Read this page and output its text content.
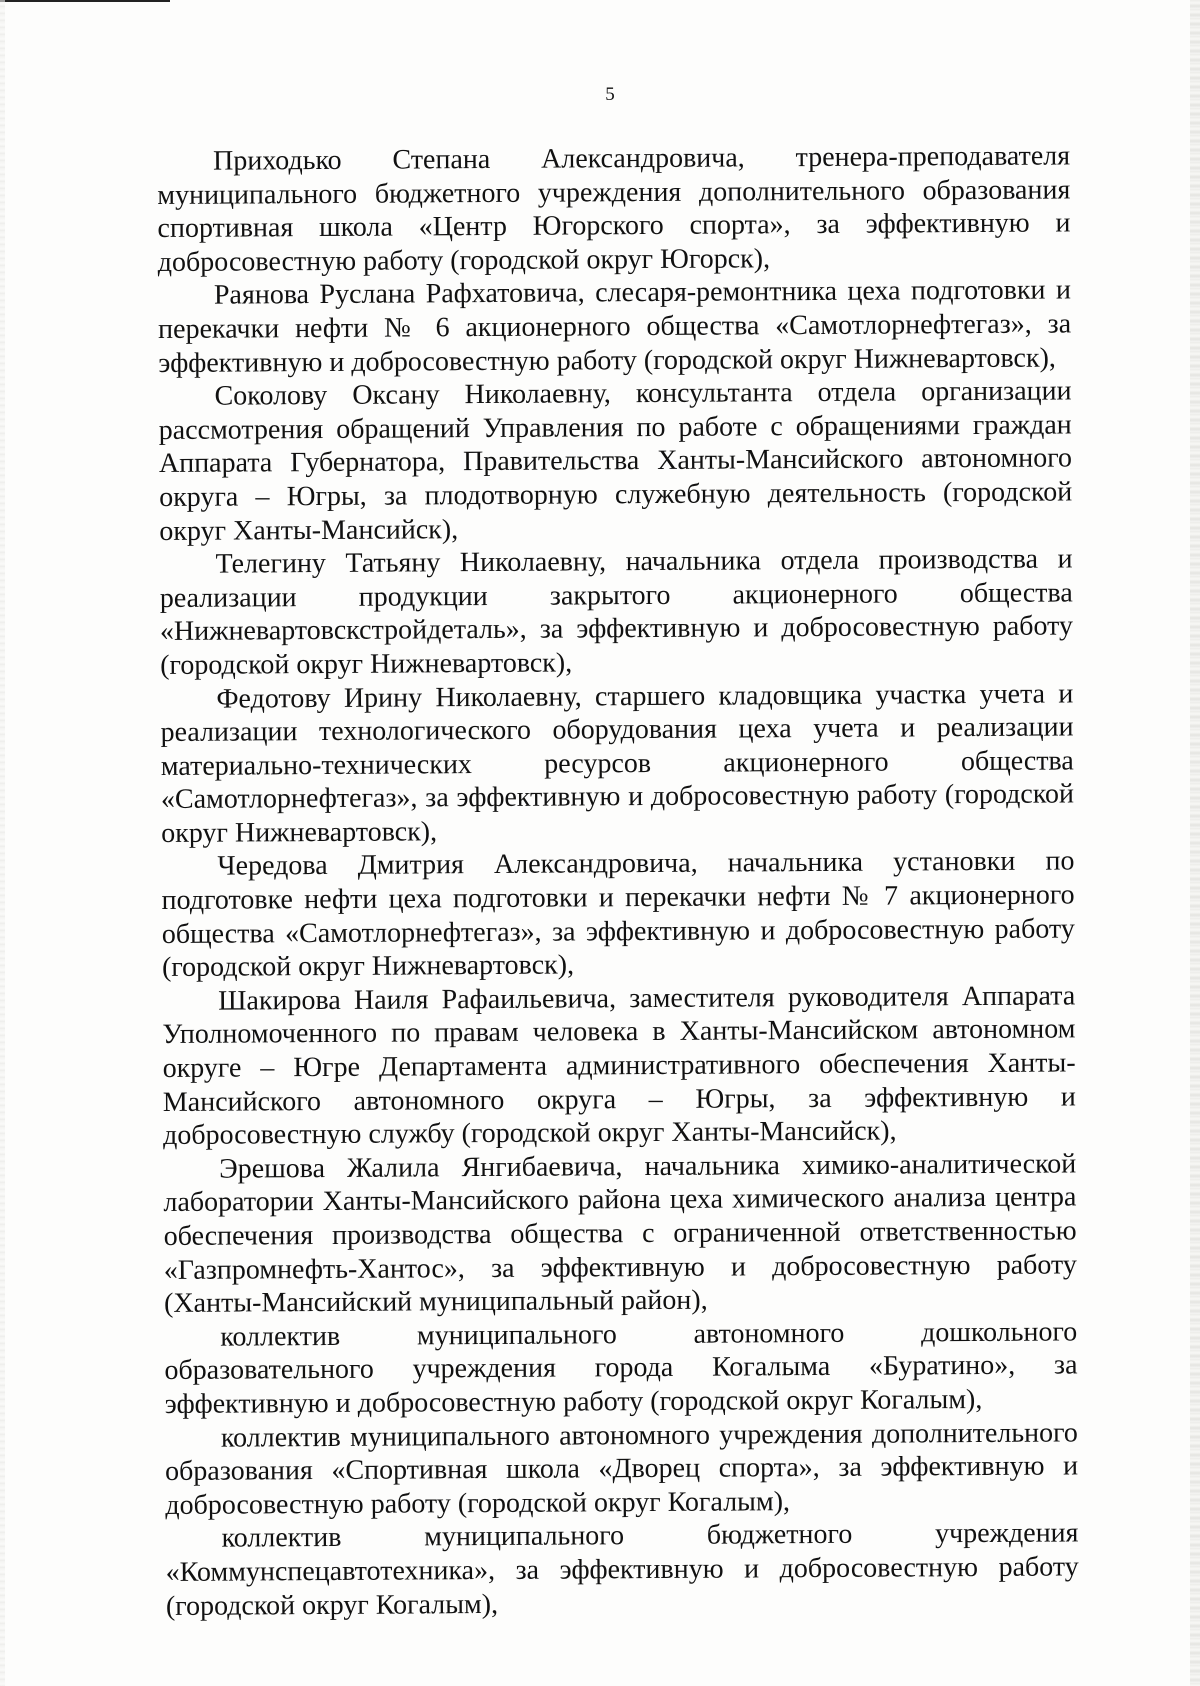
5

Приходько Степана Александровича, тренера-преподавателя муниципального бюджетного учреждения дополнительного образования спортивная школа «Центр Югорского спорта», за эффективную и добросовестную работу (городской округ Югорск),

Раянова Руслана Рафхатовича, слесаря-ремонтника цеха подготовки и перекачки нефти № 6 акционерного общества «Самотлорнефтегаз», за эффективную и добросовестную работу (городской округ Нижневартовск),

Соколову Оксану Николаевну, консультанта отдела организации рассмотрения обращений Управления по работе с обращениями граждан Аппарата Губернатора, Правительства Ханты-Мансийского автономного округа – Югры, за плодотворную служебную деятельность (городской округ Ханты-Мансийск),

Телегину Татьяну Николаевну, начальника отдела производства и реализации продукции закрытого акционерного общества «Нижневартовскстройдеталь», за эффективную и добросовестную работу (городской округ Нижневартовск),

Федотову Ирину Николаевну, старшего кладовщика участка учета и реализации технологического оборудования цеха учета и реализации материально-технических ресурсов акционерного общества «Самотлорнефтегаз», за эффективную и добросовестную работу (городской округ Нижневартовск),

Чередова Дмитрия Александровича, начальника установки по подготовке нефти цеха подготовки и перекачки нефти № 7 акционерного общества «Самотлорнефтегаз», за эффективную и добросовестную работу (городской округ Нижневартовск),

Шакирова Наиля Рафаильевича, заместителя руководителя Аппарата Уполномоченного по правам человека в Ханты-Мансийском автономном округе – Югре Департамента административного обеспечения Ханты-Мансийского автономного округа – Югры, за эффективную и добросовестную службу (городской округ Ханты-Мансийск),

Эрешова Жалила Янгибаевича, начальника химико-аналитической лаборатории Ханты-Мансийского района цеха химического анализа центра обеспечения производства общества с ограниченной ответственностью «Газпромнефть-Хантос», за эффективную и добросовестную работу (Ханты-Мансийский муниципальный район),

коллектив муниципального автономного дошкольного образовательного учреждения города Когалыма «Буратино», за эффективную и добросовестную работу (городской округ Когалым),

коллектив муниципального автономного учреждения дополнительного образования «Спортивная школа «Дворец спорта», за эффективную и добросовестную работу (городской округ Когалым),

коллектив муниципального бюджетного учреждения «Коммунспецавтотехника», за эффективную и добросовестную работу (городской округ Когалым),
